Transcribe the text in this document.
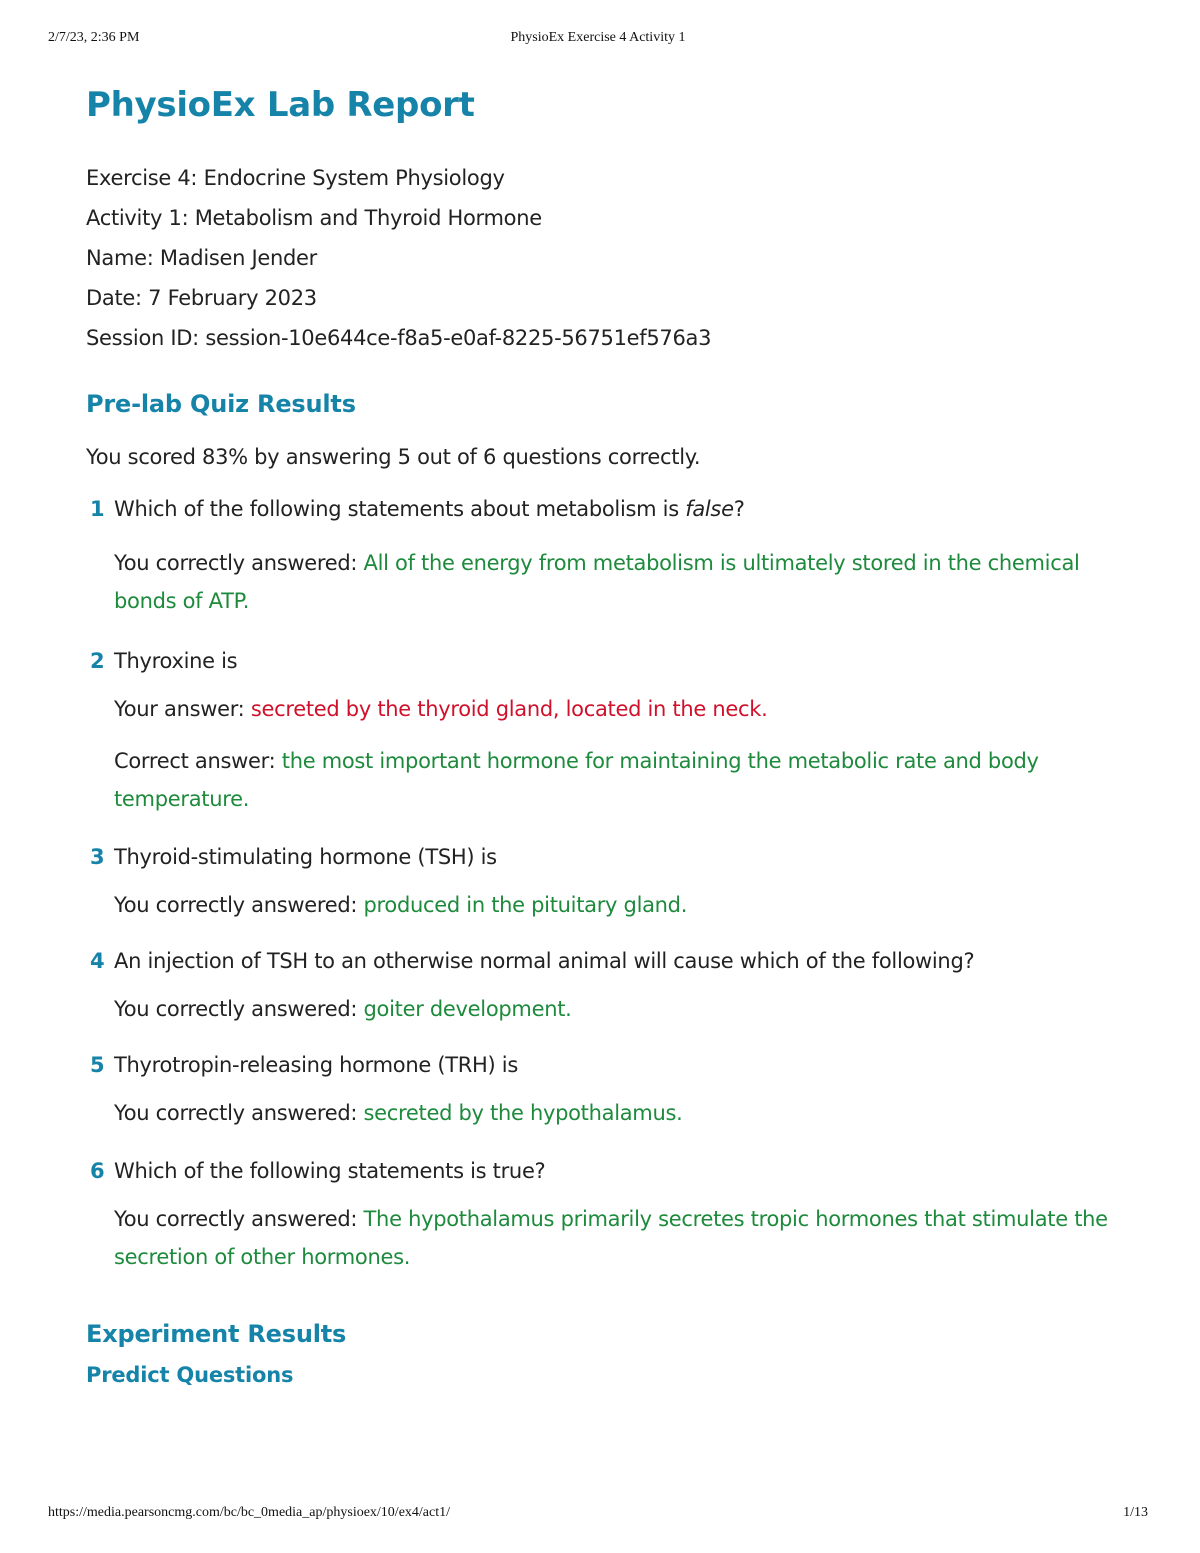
2/7/23, 2:36 PM	PhysioEx Exercise 4 Activity 1
PhysioEx Lab Report
Exercise 4: Endocrine System Physiology
Activity 1: Metabolism and Thyroid Hormone
Name: Madisen Jender
Date: 7 February 2023
Session ID: session-10e644ce-f8a5-e0af-8225-56751ef576a3
Pre-lab Quiz Results
You scored 83% by answering 5 out of 6 questions correctly.
1 Which of the following statements about metabolism is false?
You correctly answered: All of the energy from metabolism is ultimately stored in the chemical bonds of ATP.
2 Thyroxine is
Your answer: secreted by the thyroid gland, located in the neck.
Correct answer: the most important hormone for maintaining the metabolic rate and body temperature.
3 Thyroid-stimulating hormone (TSH) is
You correctly answered: produced in the pituitary gland.
4 An injection of TSH to an otherwise normal animal will cause which of the following?
You correctly answered: goiter development.
5 Thyrotropin-releasing hormone (TRH) is
You correctly answered: secreted by the hypothalamus.
6 Which of the following statements is true?
You correctly answered: The hypothalamus primarily secretes tropic hormones that stimulate the secretion of other hormones.
Experiment Results
Predict Questions
https://media.pearsoncmg.com/bc/bc_0media_ap/physioex/10/ex4/act1/	1/13
